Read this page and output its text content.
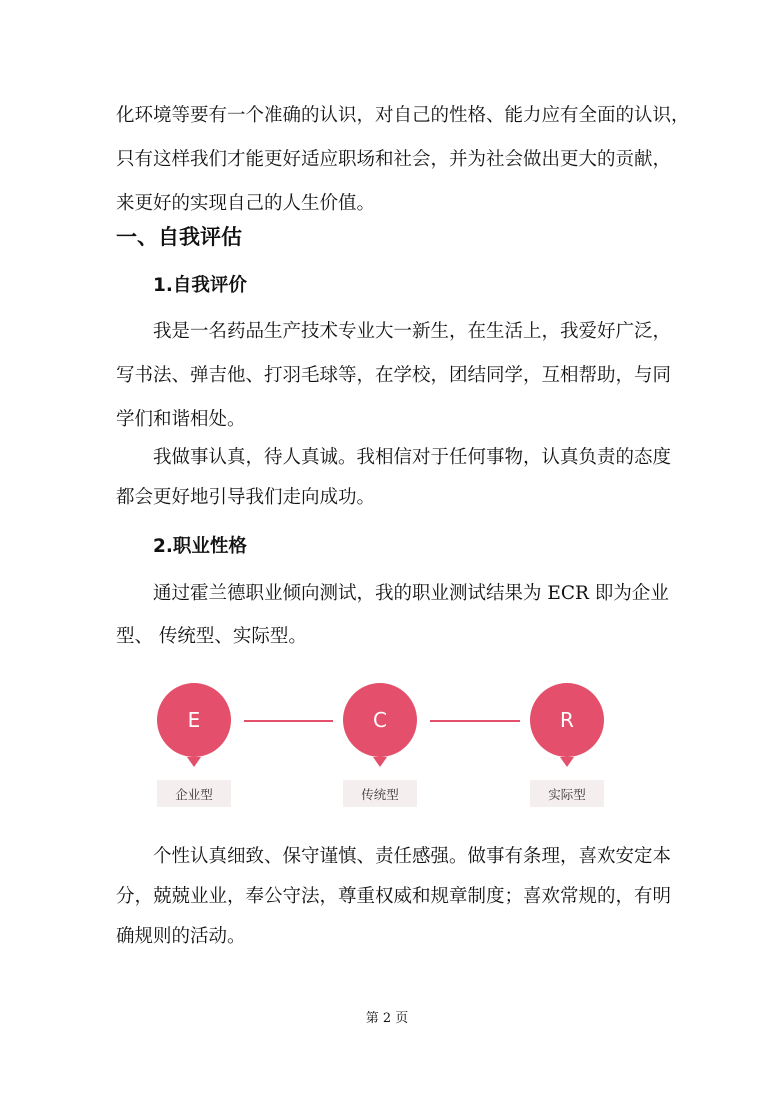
化环境等要有一个准确的认识，对自己的性格、能力应有全面的认识，
只有这样我们才能更好适应职场和社会，并为社会做出更大的贡献，
来更好的实现自己的人生价值。
一、自我评估
1.自我评价
我是一名药品生产技术专业大一新生，在生活上，我爱好广泛，
写书法、弹吉他、打羽毛球等，在学校，团结同学，互相帮助，与同
学们和谐相处。
我做事认真，待人真诚。我相信对于任何事物，认真负责的态度
都会更好地引导我们走向成功。
2.职业性格
通过霍兰德职业倾向测试，我的职业测试结果为 ECR 即为企业
型、 传统型、实际型。
E
企业型
C
传统型
R
实际型
个性认真细致、保守谨慎、责任感强。做事有条理，喜欢安定本
分，兢兢业业，奉公守法，尊重权威和规章制度；喜欢常规的，有明
确规则的活动。
第 2 页
